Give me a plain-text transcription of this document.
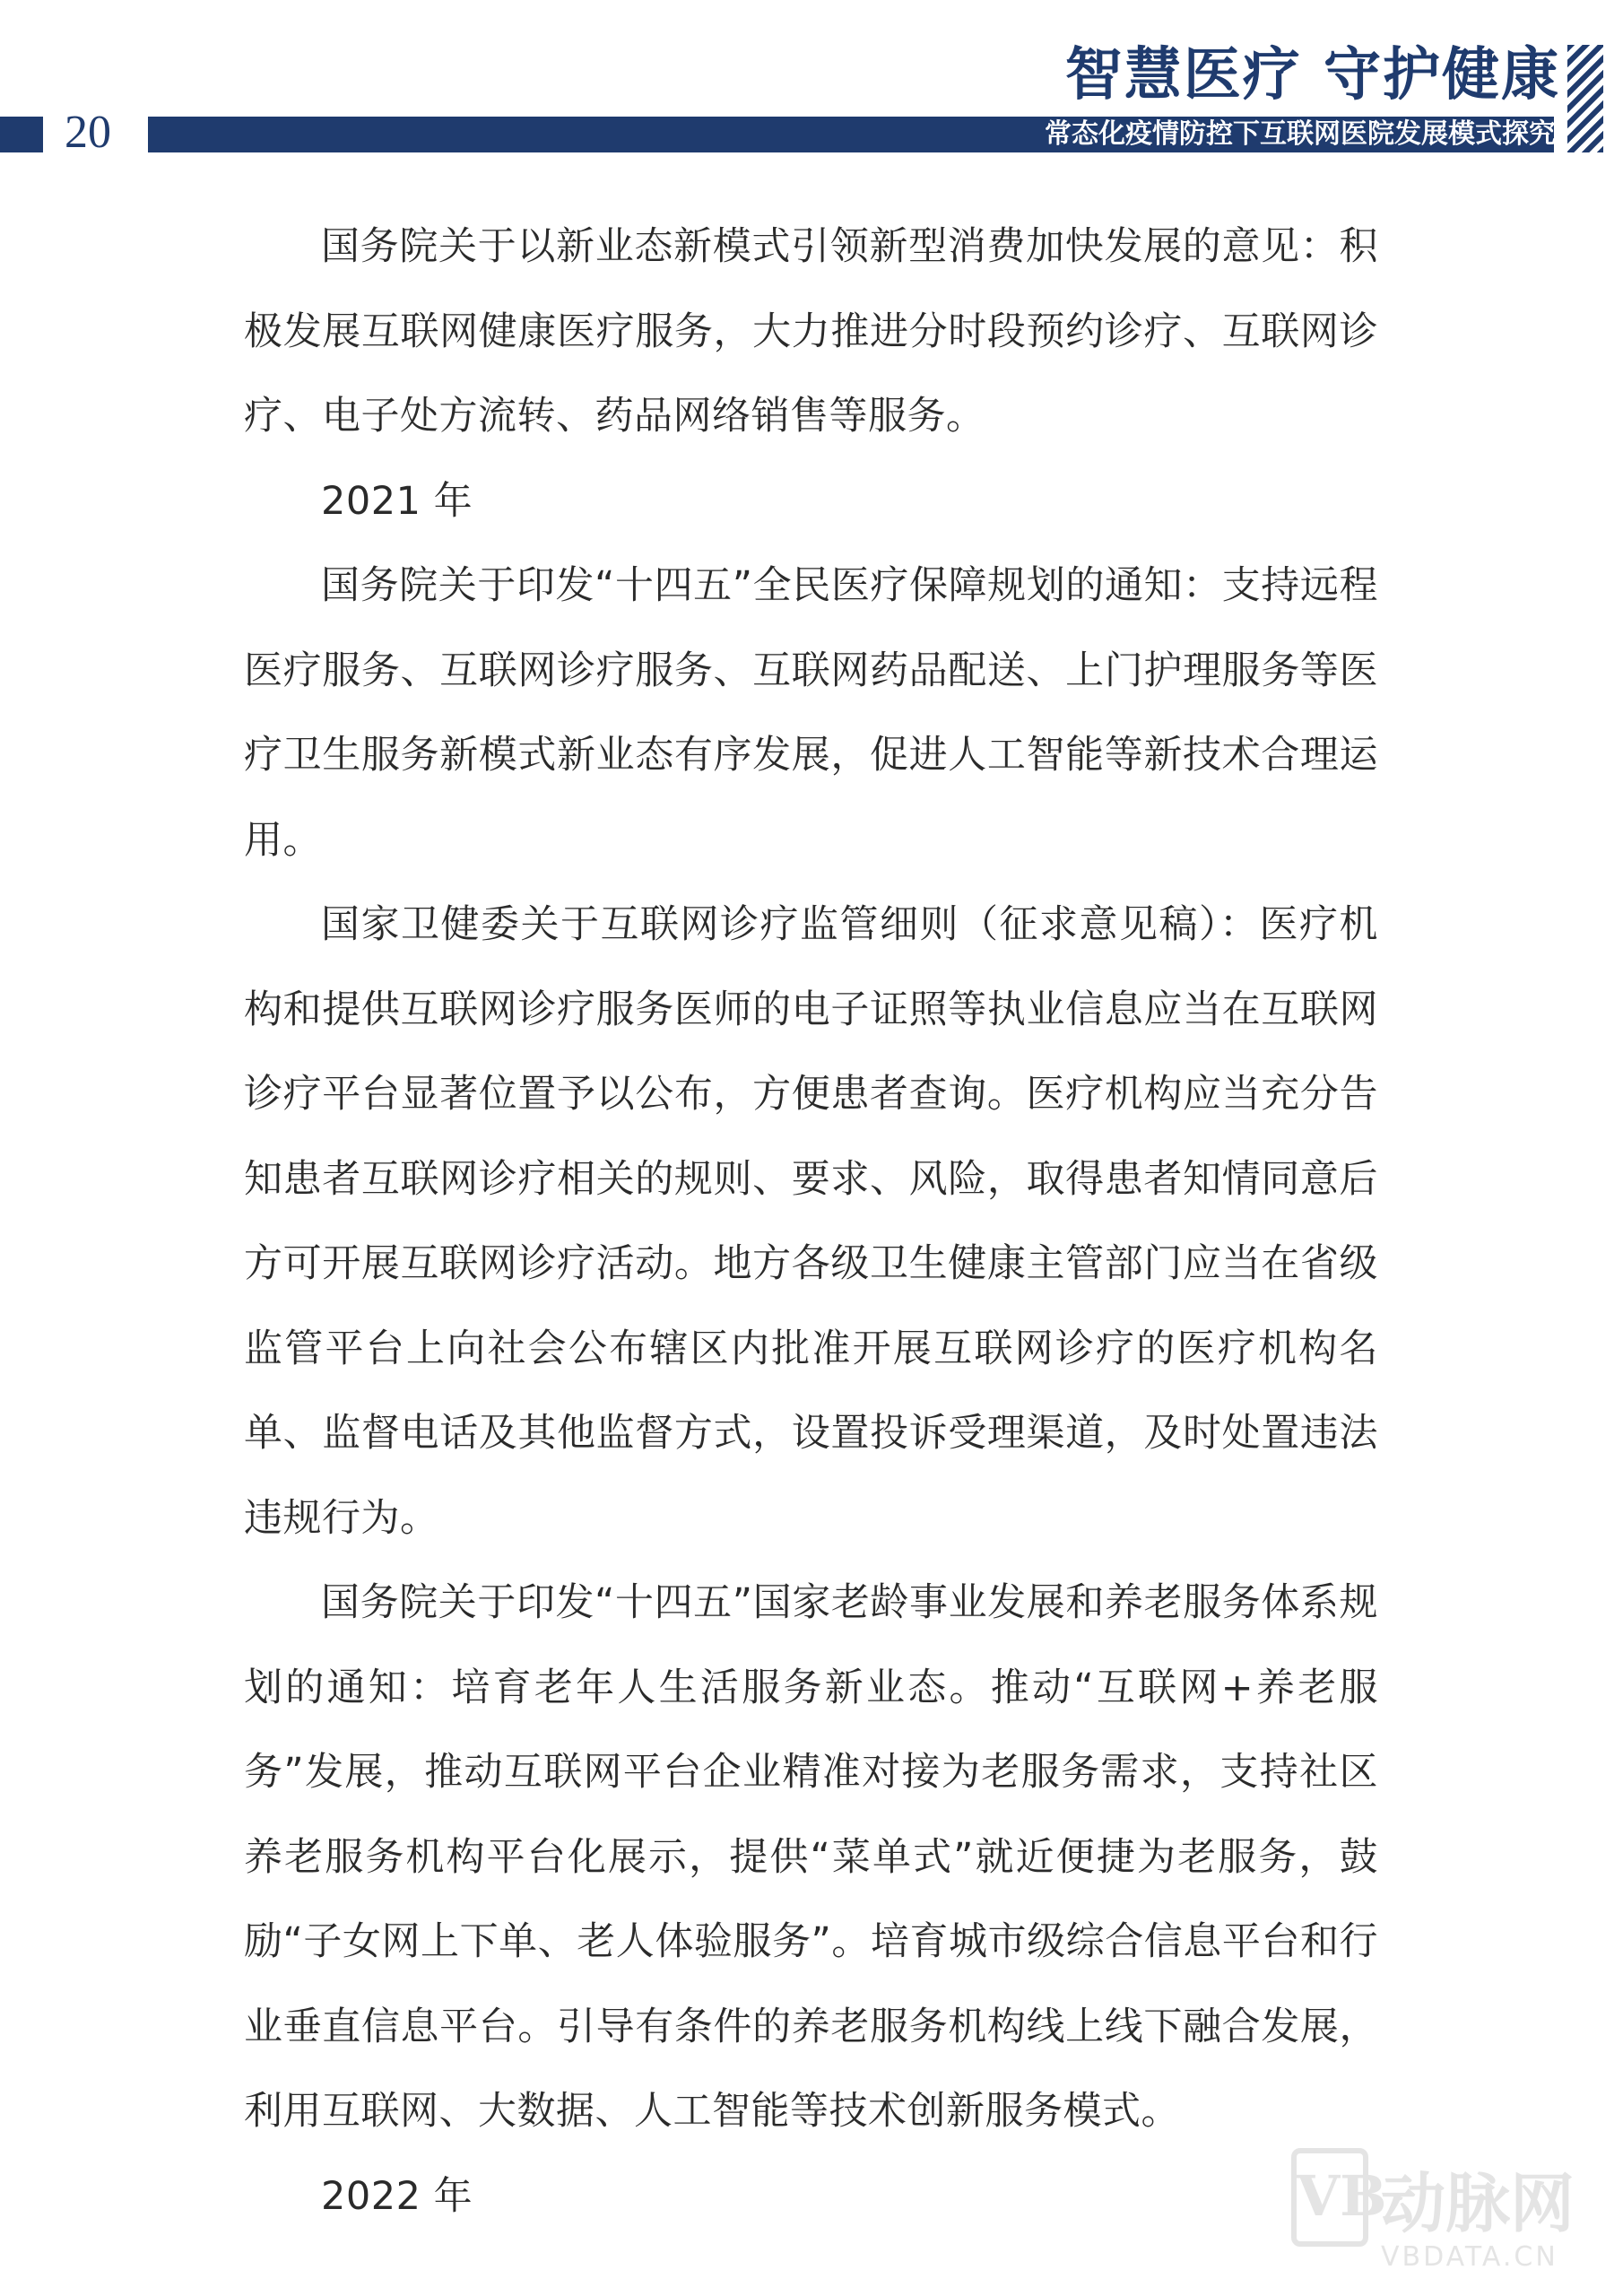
智慧医疗 守护健康
20	常态化疫情防控下互联网医院发展模式探究

国务院关于以新业态新模式引领新型消费加快发展的意见：积极发展互联网健康医疗服务，大力推进分时段预约诊疗、互联网诊疗、电子处方流转、药品网络销售等服务。

2021 年

国务院关于印发“十四五”全民医疗保障规划的通知：支持远程医疗服务、互联网诊疗服务、互联网药品配送、上门护理服务等医疗卫生服务新模式新业态有序发展，促进人工智能等新技术合理运用。

国家卫健委关于互联网诊疗监管细则（征求意见稿）：医疗机构和提供互联网诊疗服务医师的电子证照等执业信息应当在互联网诊疗平台显著位置予以公布，方便患者查询。医疗机构应当充分告知患者互联网诊疗相关的规则、要求、风险，取得患者知情同意后方可开展互联网诊疗活动。地方各级卫生健康主管部门应当在省级监管平台上向社会公布辖区内批准开展互联网诊疗的医疗机构名单、监督电话及其他监督方式，设置投诉受理渠道，及时处置违法违规行为。

国务院关于印发“十四五”国家老龄事业发展和养老服务体系规划的通知：培育老年人生活服务新业态。推动“互联网+养老服务”发展，推动互联网平台企业精准对接为老服务需求，支持社区养老服务机构平台化展示，提供“菜单式”就近便捷为老服务，鼓励“子女网上下单、老人体验服务”。培育城市级综合信息平台和行业垂直信息平台。引导有条件的养老服务机构线上线下融合发展，利用互联网、大数据、人工智能等技术创新服务模式。

2022 年	VB
动脉网
VBDATA.CN
